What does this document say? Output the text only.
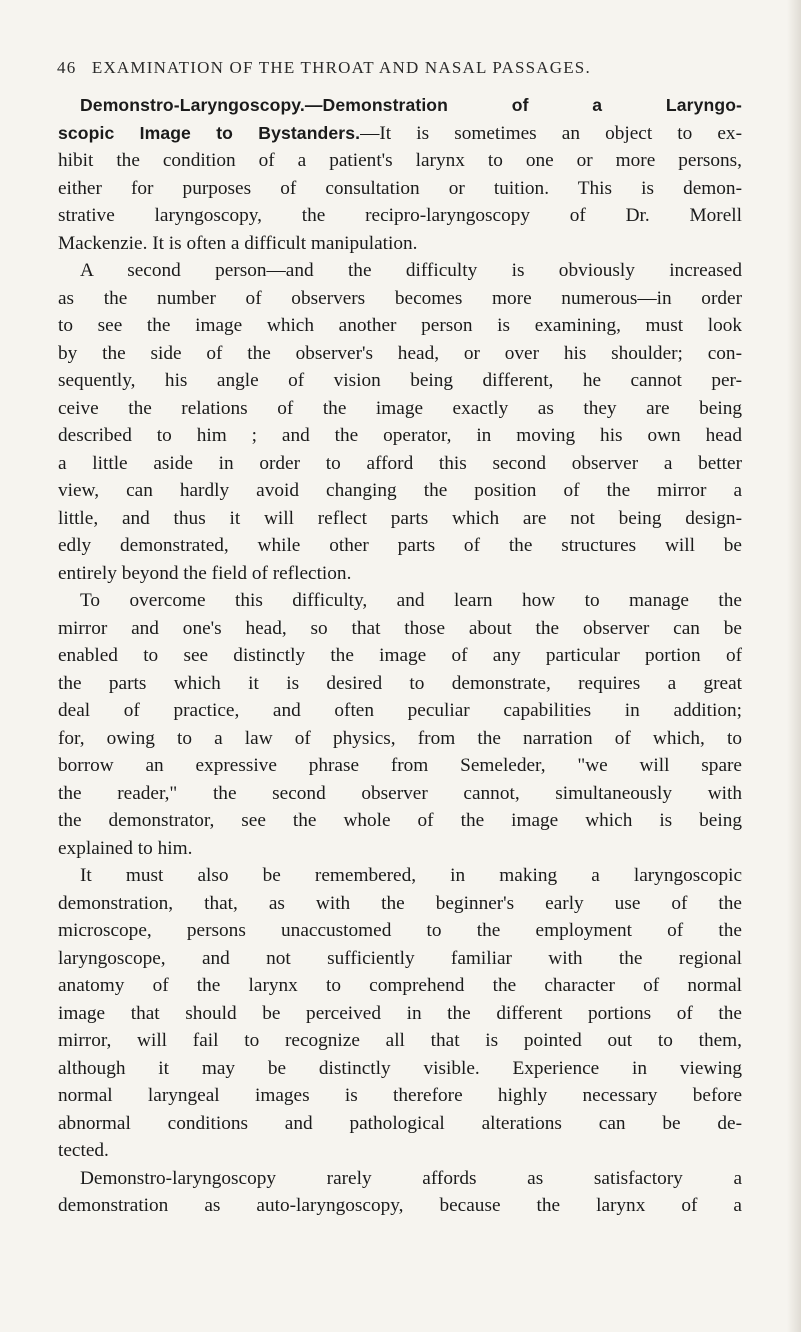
46 EXAMINATION OF THE THROAT AND NASAL PASSAGES.
Demonstro-Laryngoscopy.—Demonstration of a Laryngo-
scopic Image to Bystanders.—It is sometimes an object to ex-
hibit the condition of a patient's larynx to one or more persons,
either for purposes of consultation or tuition. This is demon-
strative laryngoscopy, the recipro-laryngoscopy of Dr. Morell
Mackenzie. It is often a difficult manipulation.
A second person—and the difficulty is obviously increased
as the number of observers becomes more numerous—in order
to see the image which another person is examining, must look
by the side of the observer's head, or over his shoulder; con-
sequently, his angle of vision being different, he cannot per-
ceive the relations of the image exactly as they are being
described to him ; and the operator, in moving his own head
a little aside in order to afford this second observer a better
view, can hardly avoid changing the position of the mirror a
little, and thus it will reflect parts which are not being design-
edly demonstrated, while other parts of the structures will be
entirely beyond the field of reflection.
To overcome this difficulty, and learn how to manage the
mirror and one's head, so that those about the observer can be
enabled to see distinctly the image of any particular portion of
the parts which it is desired to demonstrate, requires a great
deal of practice, and often peculiar capabilities in addition;
for, owing to a law of physics, from the narration of which, to
borrow an expressive phrase from Semeleder, "we will spare
the reader," the second observer cannot, simultaneously with
the demonstrator, see the whole of the image which is being
explained to him.
It must also be remembered, in making a laryngoscopic
demonstration, that, as with the beginner's early use of the
microscope, persons unaccustomed to the employment of the
laryngoscope, and not sufficiently familiar with the regional
anatomy of the larynx to comprehend the character of normal
image that should be perceived in the different portions of the
mirror, will fail to recognize all that is pointed out to them,
although it may be distinctly visible. Experience in viewing
normal laryngeal images is therefore highly necessary before
abnormal conditions and pathological alterations can be de-
tected.
Demonstro-laryngoscopy rarely affords as satisfactory a
demonstration as auto-laryngoscopy, because the larynx of a
